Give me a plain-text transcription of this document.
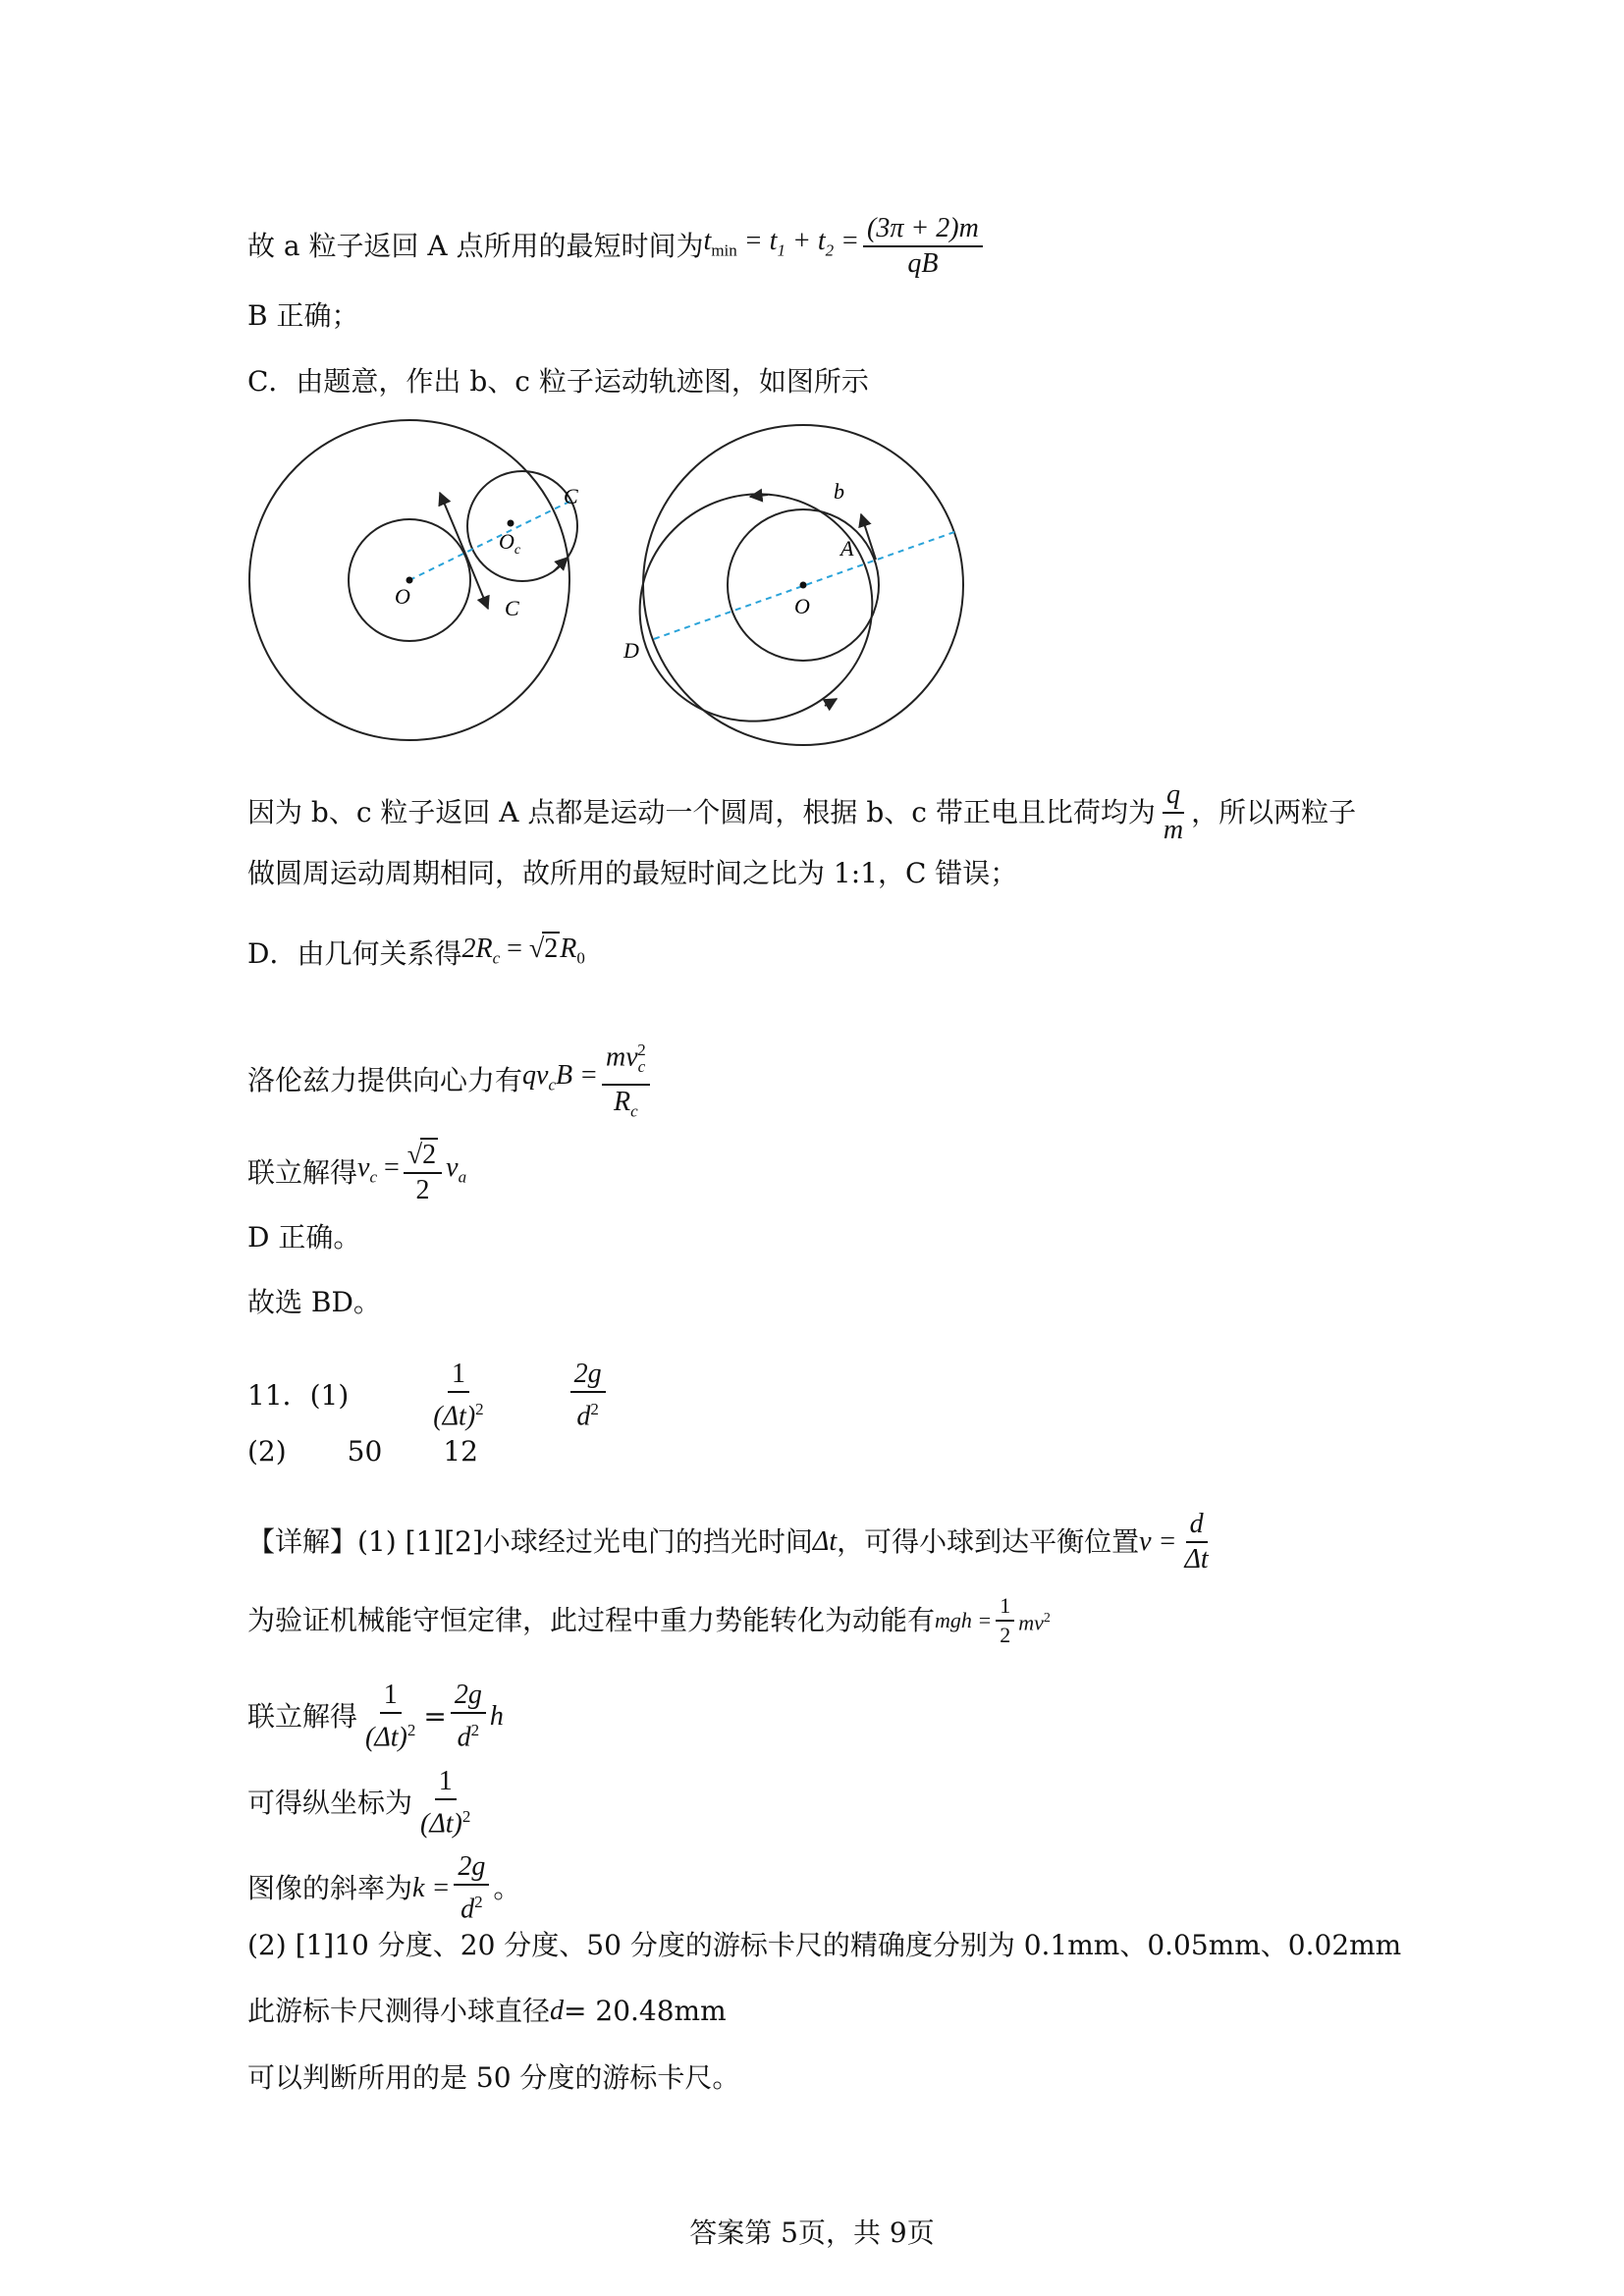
故 a 粒子返回 A 点所用的最短时间为 $t_{min} = t_1 + t_2 = \frac{(3\pi + 2)m}{qB}$
B 正确；
C．由题意，作出 b、c 粒子运动轨迹图，如图所示
O
$O_c$
C
C	O
b
A
D
因为 b、c 粒子返回 A 点都是运动一个圆周，根据 b、c 带正电且比荷均为 $\frac{q}{m}$ ，所以两粒子
做圆周运动周期相同，故所用的最短时间之比为 1:1，C 错误；
D．由几何关系得 $2R_c = √2R_0$
洛伦兹力提供向心力有 $qv_cB = \frac{mv_c^2}{R_c}$
联立解得 $v_c = \frac{√2}{2} v_a$
D 正确。
故选 BD。
11．(1)	$\frac{1}{(\Delta t)^2}$	$\frac{2g}{d^2}$
(2) 50 12
【详解】(1) [1][2]小球经过光电门的挡光时间 Δt ，可得小球到达平衡位置 $v = \frac{d}{\Delta t}$
为验证机械能守恒定律，此过程中重力势能转化为动能有 mgh = $\frac{1}{2} mv^2$
联立解得 $\frac{1}{(\Delta t)^2} = \frac{2g}{d^2}$ h
可得纵坐标为 $\frac{1}{(\Delta t)^2}$
图像的斜率为 $k = \frac{2g}{d^2}$ 。
(2) [1]10 分度、20 分度、50 分度的游标卡尺的精确度分别为 0.1mm、0.05mm、0.02mm
此游标卡尺测得小球直径 d = 20.48mm
可以判断所用的是 50 分度的游标卡尺。
答案第 5页，共 9页
